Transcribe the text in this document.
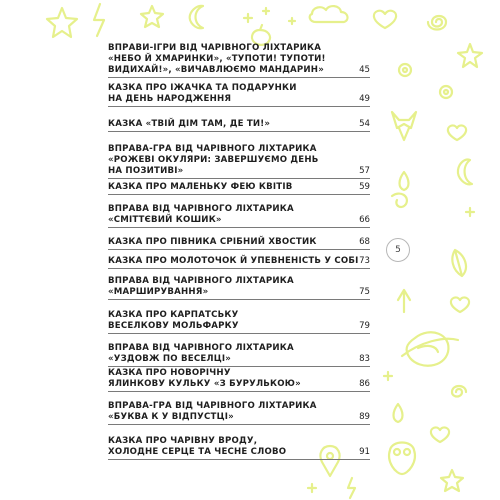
ВПРАВИ-ІГРИ ВІД ЧАРІВНОГО ЛІХТАРИКА
«НЕБО Й ХМАРИНКИ», «ТУПОТИ! ТУПОТИ!
ВИДИХАЙ!», «ВИЧАВЛЮЄМО МАНДАРИН»	45
КАЗКА ПРО ІЖАЧКА ТА ПОДАРУНКИ
НА ДЕНЬ НАРОДЖЕННЯ	49
КАЗКА «ТВІЙ ДІМ ТАМ, ДЕ ТИ!»	54
ВПРАВА-ГРА ВІД ЧАРІВНОГО ЛІХТАРИКА
«РОЖЕВІ ОКУЛЯРИ: ЗАВЕРШУЄМО ДЕНЬ
НА ПОЗИТИВІ»	57
КАЗКА ПРО МАЛЕНЬКУ ФЕЮ КВІТІВ	59
ВПРАВА ВІД ЧАРІВНОГО ЛІХТАРИКА
«СМІТТЄВИЙ КОШИК»	66
КАЗКА ПРО ПІВНИКА СРІБНИЙ ХВОСТИК	68
КАЗКА ПРО МОЛОТОЧОК Й УПЕВНЕНІСТЬ У СОБІ 73
ВПРАВА ВІД ЧАРІВНОГО ЛІХТАРИКА
«МАРШИРУВАННЯ»	75
КАЗКА ПРО КАРПАТСЬКУ
ВЕСЕЛКОВУ МОЛЬФАРКУ	79
ВПРАВА ВІД ЧАРІВНОГО ЛІХТАРИКА
«УЗДОВЖ ПО ВЕСЕЛЦІ»	83
КАЗКА ПРО НОВОРІЧНУ
ЯЛИНКОВУ КУЛЬКУ «З БУРУЛЬКОЮ»	86
ВПРАВА-ГРА ВІД ЧАРІВНОГО ЛІХТАРИКА
«БУКВА К У ВІДПУСТЦІ»	89
КАЗКА ПРО ЧАРІВНУ ВРОДУ,
ХОЛОДНЕ СЕРЦЕ ТА ЧЕСНЕ СЛОВО	91
5
